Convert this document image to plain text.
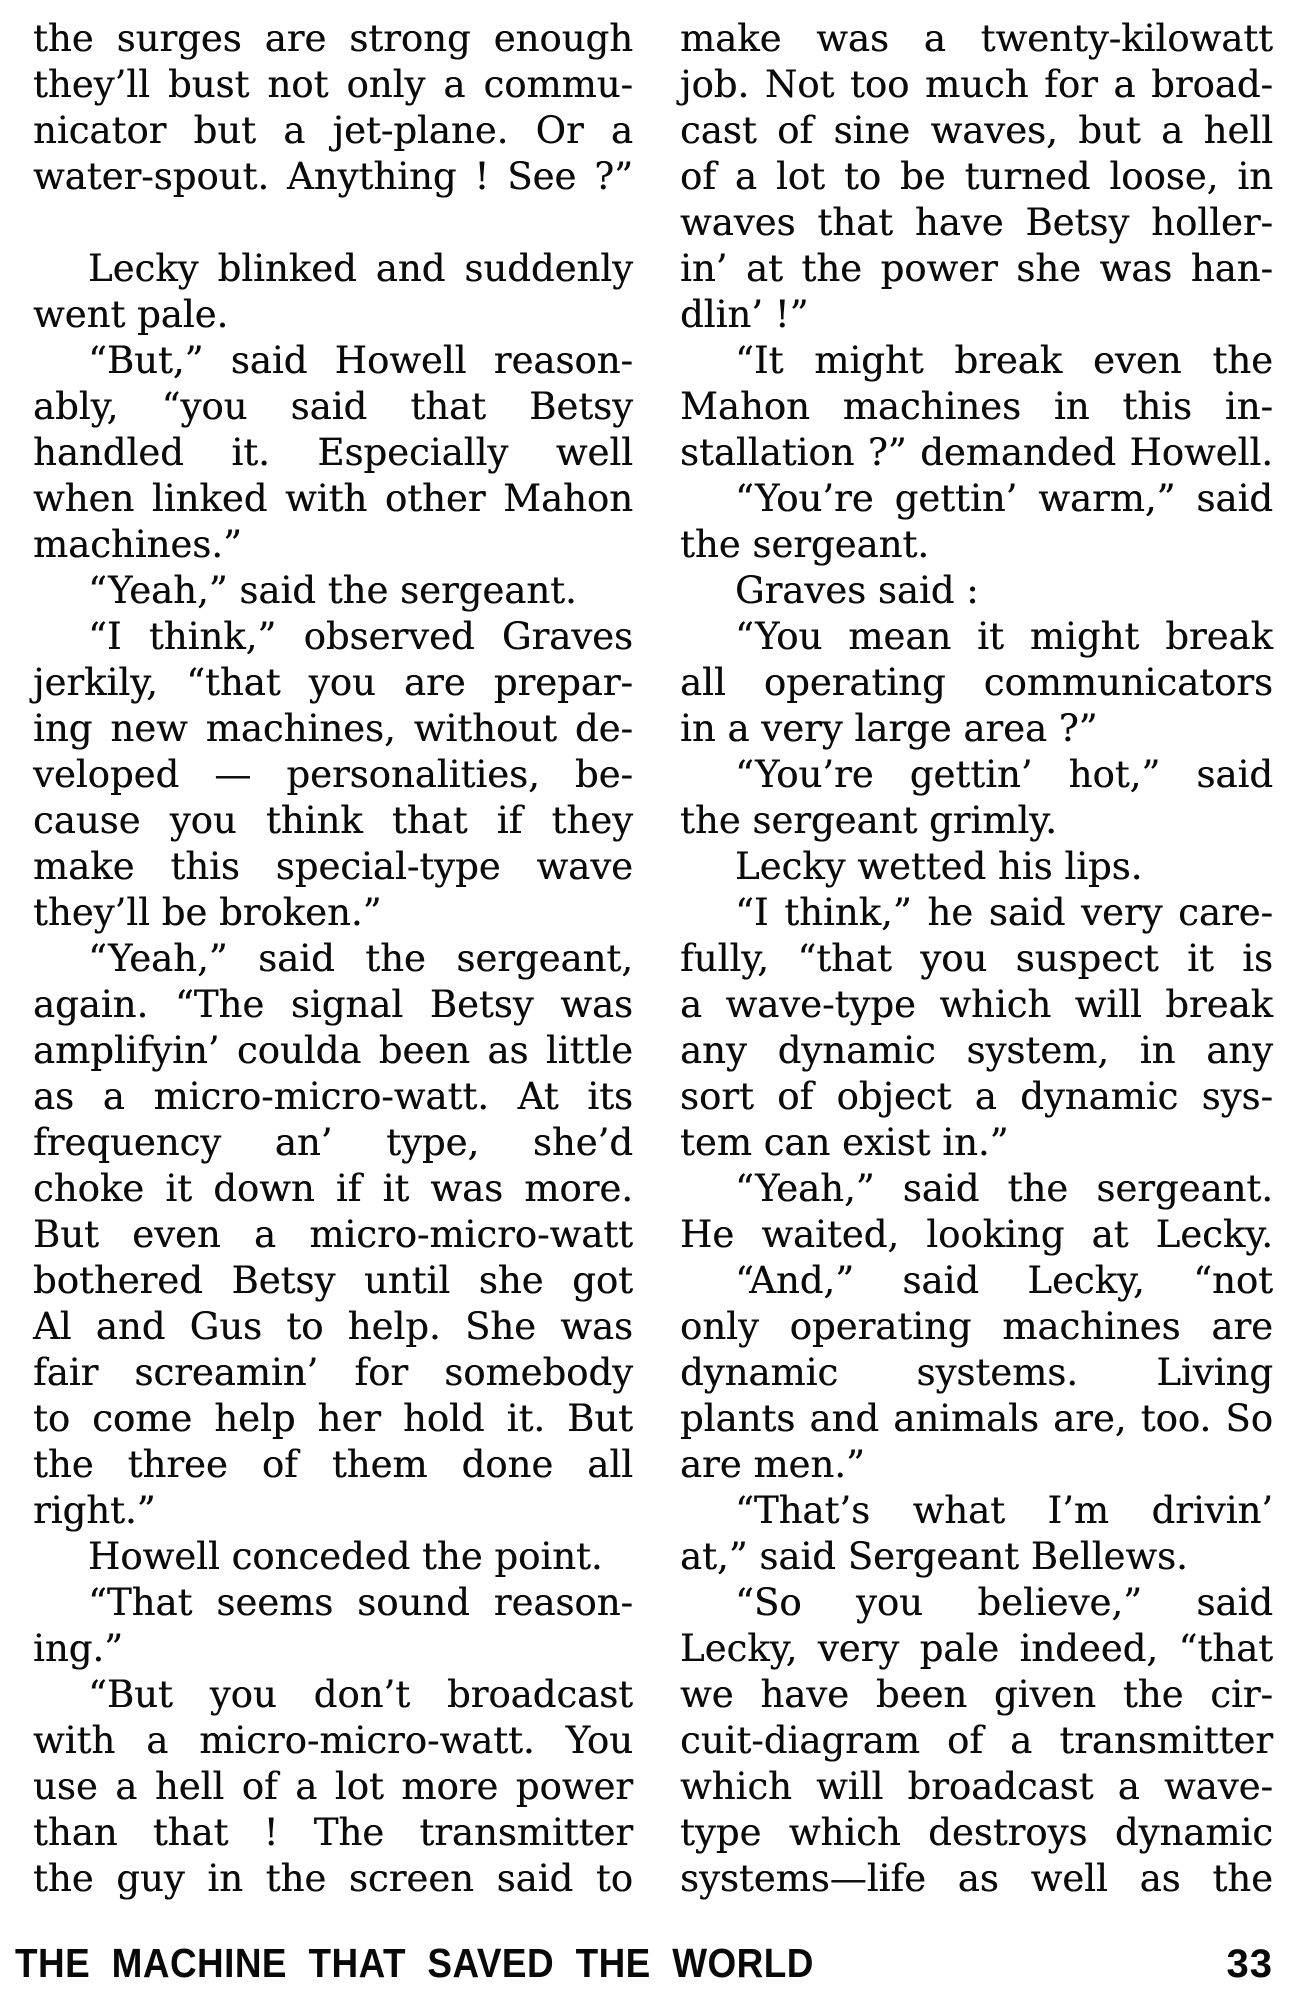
the surges are strong enough
they’ll bust not only a commu-
nicator but a jet-plane. Or a
water-spout. Anything ! See ?”
Lecky blinked and suddenly
went pale.
“But,” said Howell reason-
ably, “you said that Betsy
handled it. Especially well
when linked with other Mahon
machines.”
“Yeah,” said the sergeant.
“I think,” observed Graves
jerkily, “that you are prepar-
ing new machines, without de-
veloped — personalities, be-
cause you think that if they
make this special-type wave
they’ll be broken.”
“Yeah,” said the sergeant,
again. “The signal Betsy was
amplifyin’ coulda been as little
as a micro-micro-watt. At its
frequency an’ type, she’d
choke it down if it was more.
But even a micro-micro-watt
bothered Betsy until she got
Al and Gus to help. She was
fair screamin’ for somebody
to come help her hold it. But
the three of them done all
right.”
Howell conceded the point.
“That seems sound reason-
ing.”
“But you don’t broadcast
with a micro-micro-watt. You
use a hell of a lot more power
than that ! The transmitter
the guy in the screen said to
make was a twenty-kilowatt
job. Not too much for a broad-
cast of sine waves, but a hell
of a lot to be turned loose, in
waves that have Betsy holler-
in’ at the power she was han-
dlin’ !”
“It might break even the
Mahon machines in this in-
stallation ?” demanded Howell.
“You’re gettin’ warm,” said
the sergeant.
Graves said :
“You mean it might break
all operating communicators
in a very large area ?”
“You’re gettin’ hot,” said
the sergeant grimly.
Lecky wetted his lips.
“I think,” he said very care-
fully, “that you suspect it is
a wave-type which will break
any dynamic system, in any
sort of object a dynamic sys-
tem can exist in.”
“Yeah,” said the sergeant.
He waited, looking at Lecky.
“And,” said Lecky, “not
only operating machines are
dynamic systems. Living
plants and animals are, too. So
are men.”
“That’s what I’m drivin’
at,” said Sergeant Bellews.
“So you believe,” said
Lecky, very pale indeed, “that
we have been given the cir-
cuit-diagram of a transmitter
which will broadcast a wave-
type which destroys dynamic
systems—life as well as the
THE MACHINE THAT SAVED THE WORLD	33
